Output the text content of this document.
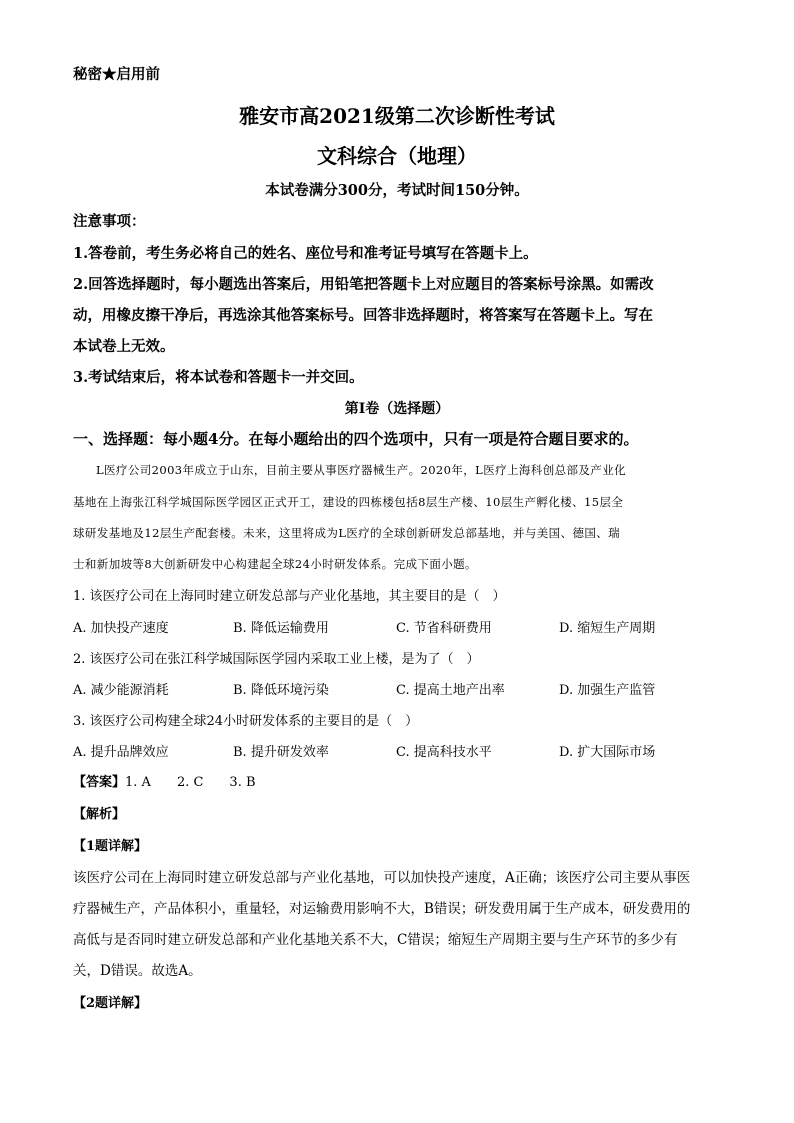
秘密★启用前
雅安市高2021级第二次诊断性考试
文科综合（地理）
本试卷满分300分，考试时间150分钟。
注意事项：
1.答卷前，考生务必将自己的姓名、座位号和准考证号填写在答题卡上。
2.回答选择题时，每小题选出答案后，用铅笔把答题卡上对应题目的答案标号涂黑。如需改
动，用橡皮擦干净后，再选涂其他答案标号。回答非选择题时，将答案写在答题卡上。写在
本试卷上无效。
3.考试结束后，将本试卷和答题卡一并交回。
第Ⅰ卷（选择题）
一、选择题：每小题4分。在每小题给出的四个选项中，只有一项是符合题目要求的。
L医疗公司2003年成立于山东，目前主要从事医疗器械生产。2020年，L医疗上海科创总部及产业化
基地在上海张江科学城国际医学园区正式开工，建设的四栋楼包括8层生产楼、10层生产孵化楼、15层全
球研发基地及12层生产配套楼。未来，这里将成为L医疗的全球创新研发总部基地，并与美国、德国、瑞
士和新加坡等8大创新研发中心构建起全球24小时研发体系。完成下面小题。
1. 该医疗公司在上海同时建立研发总部与产业化基地，其主要目的是（　）
A. 加快投产速度	B. 降低运输费用	C. 节省科研费用	D. 缩短生产周期
2. 该医疗公司在张江科学城国际医学园内采取工业上楼，是为了（　）
A. 减少能源消耗	B. 降低环境污染	C. 提高土地产出率	D. 加强生产监管
3. 该医疗公司构建全球24小时研发体系的主要目的是（　）
A. 提升品牌效应	B. 提升研发效率	C. 提高科技水平	D. 扩大国际市场
【答案】1. A　　2. C　　3. B
【解析】
【1题详解】
该医疗公司在上海同时建立研发总部与产业化基地，可以加快投产速度，A正确；该医疗公司主要从事医
疗器械生产，产品体积小，重量轻，对运输费用影响不大，B错误；研发费用属于生产成本，研发费用的
高低与是否同时建立研发总部和产业化基地关系不大，C错误；缩短生产周期主要与生产环节的多少有
关，D错误。故选A。
【2题详解】
